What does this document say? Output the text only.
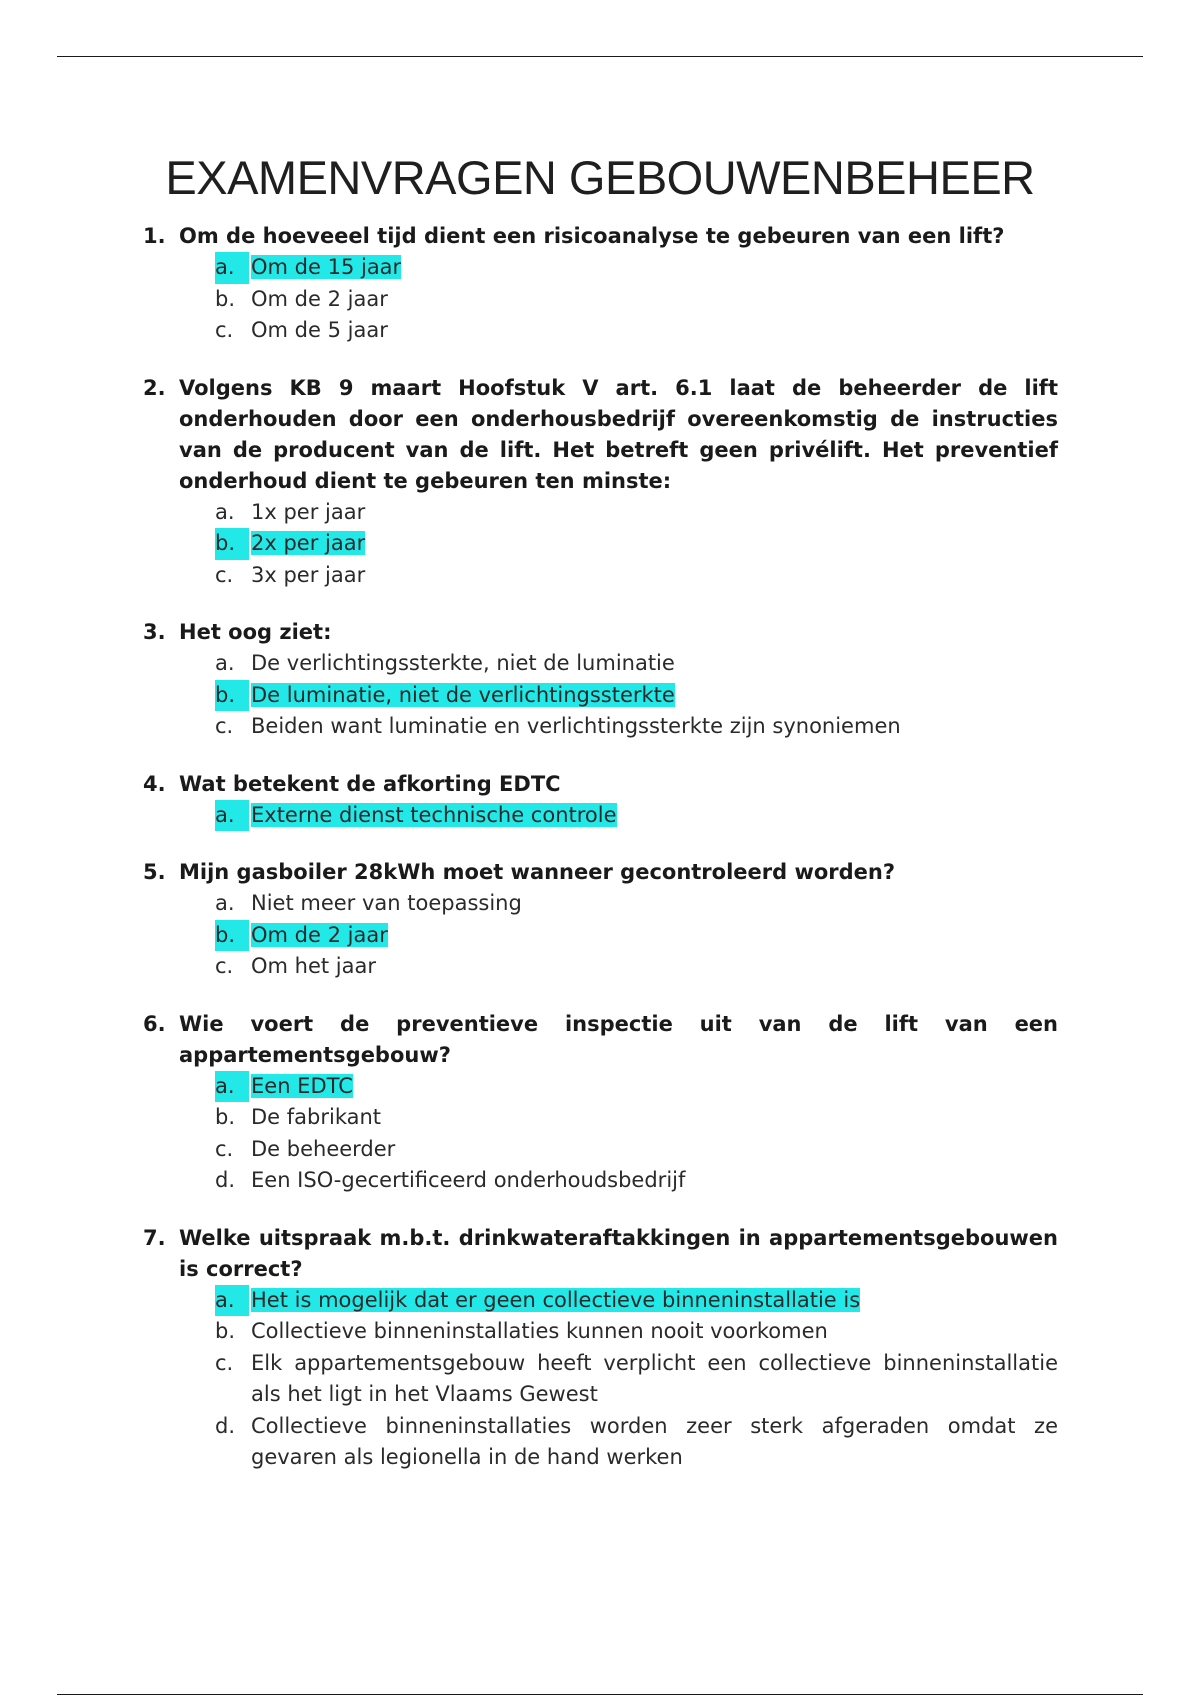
EXAMENVRAGEN GEBOUWENBEHEER
1. Om de hoeveeel tijd dient een risicoanalyse te gebeuren van een lift?

a. Om de 15 jaar
b. Om de 2 jaar
c. Om de 5 jaar
2. Volgens KB 9 maart Hoofstuk V art. 6.1 laat de beheerder de lift onderhouden door een onderhousbedrijf overeenkomstig de instructies van de producent van de lift. Het betreft geen privélift. Het preventief onderhoud dient te gebeuren ten minste:

a. 1x per jaar
b. 2x per jaar
c. 3x per jaar
3. Het oog ziet:

a. De verlichtingssterkte, niet de luminatie
b. De luminatie, niet de verlichtingssterkte
c. Beiden want luminatie en verlichtingssterkte zijn synoniemen
4. Wat betekent de afkorting EDTC

a. Externe dienst technische controle
5. Mijn gasboiler 28kWh moet wanneer gecontroleerd worden?

a. Niet meer van toepassing
b. Om de 2 jaar
c. Om het jaar
6. Wie voert de preventieve inspectie uit van de lift van een appartementsgebouw?

a. Een EDTC
b. De fabrikant
c. De beheerder
d. Een ISO-gecertificeerd onderhoudsbedrijf
7. Welke uitspraak m.b.t. drinkwateraftakkingen in appartementsgebouwen is correct?

a. Het is mogelijk dat er geen collectieve binneninstallatie is
b. Collectieve binneninstallaties kunnen nooit voorkomen
c. Elk appartementsgebouw heeft verplicht een collectieve binneninstallatie als het ligt in het Vlaams Gewest
d. Collectieve binneninstallaties worden zeer sterk afgeraden omdat ze gevaren als legionella in de hand werken
